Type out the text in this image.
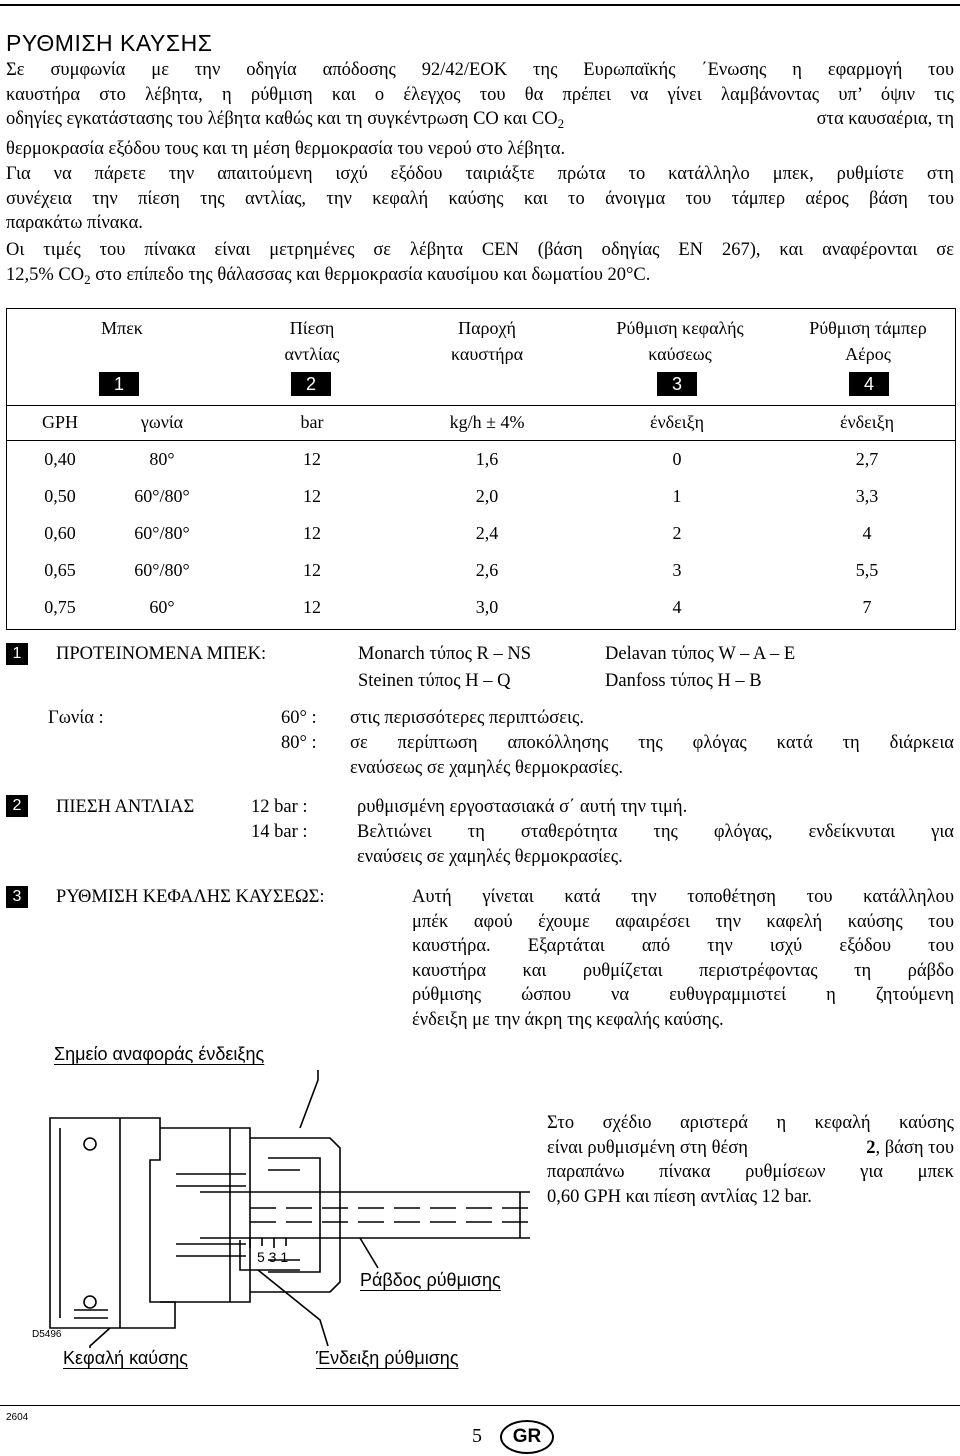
ΡΥΘΜΙΣΗ ΚΑΥΣΗΣ
Σε συμφωνία με την οδηγία απόδοσης 92/42/ΕΟΚ της Ευρωπαϊκής ΄Ενωσης η εφαρμογή του
καυστήρα στο λέβητα, η ρύθμιση και ο έλεγχος του θα πρέπει να γίνει λαμβάνοντας υπ’ όψιν τις
οδηγίες εγκατάστασης του λέβητα καθώς και τη συγκέντρωση CO και $CO_2$	στα καυσαέρια, τη
θερμοκρασία εξόδου τους και τη μέση θερμοκρασία του νερού στο λέβητα.
Για να πάρετε την απαιτούμενη ισχύ εξόδου ταιριάξτε πρώτα το κατάλληλο μπεκ, ρυθμίστε στη
συνέχεια την πίεση της αντλίας, την κεφαλή καύσης και το άνοιγμα του τάμπερ αέρος βάση του
παρακάτω πίνακα.
Οι τιμές του πίνακα είναι μετρημένες σε λέβητα CEN (βάση οδηγίας EN 267), και αναφέρονται σε
12,5% $CO_2$ στο επίπεδο της θάλασσας και θερμοκρασία καυσίμου και δωματίου 20°C.
Μπεκ
1
Πίεση
αντλίας
2
Παροχή
καυστήρα
Ρύθμιση κεφαλής
καύσεως
3
Ρύθμιση τάμπερ
Αέρος
4
GPH	γωνία	bar	kg/h ± 4%	ένδειξη	ένδειξη
0,40	80°	12	1,6	0	2,7
0,50	60°/80°	12	2,0	1	3,3
0,60	60°/80°	12	2,4	2	4
0,65	60°/80°	12	2,6	3	5,5
0,75	60°	12	3,0	4	7
1	ΠΡΟΤΕΙΝΟΜΕΝΑ ΜΠΕΚ:	Monarch τύπος R – NS	Delavan τύπος W – A – E
Steinen τύπος H – Q	Danfoss τύπος H – B
Γωνία :	60° : στις περισσότερες περιπτώσεις.
80° : σε περίπτωση αποκόλλησης της φλόγας κατά τη διάρκεια
εναύσεως σε χαμηλές θερμοκρασίες.
2	ΠΙΕΣΗ ΑΝΤΛΙΑΣ	12 bar :	ρυθμισμένη εργοστασιακά σ΄ αυτή την τιμή.
14 bar :	Βελτιώνει τη σταθερότητα της φλόγας, ενδείκνυται για
εναύσεις σε χαμηλές θερμοκρασίες.
3	ΡΥΘΜΙΣΗ ΚΕΦΑΛΗΣ ΚΑΥΣΕΩΣ:	Αυτή γίνεται κατά την τοποθέτηση του κατάλληλου
μπέκ αφού έχουμε αφαιρέσει την καφελή καύσης του
καυστήρα. Εξαρτάται από την ισχύ εξόδου του
καυστήρα και ρυθμίζεται περιστρέφοντας τη ράβδο
ρύθμισης ώσπου να ευθυγραμμιστεί η ζητούμενη
ένδειξη με την άκρη της κεφαλής καύσης.
Σημείο αναφοράς ένδειξης
Ράβδος ρύθμισης
D5496
Κεφαλή καύσης	Ένδειξη ρύθμισης
5 3 1
Στο σχέδιο αριστερά η κεφαλή καύσης
είναι ρυθμισμένη στη θέση	2, βάση του
παραπάνω πίνακα ρυθμίσεων για μπεκ
0,60 GPH και πίεση αντλίας 12 bar.
2604
5	GR
